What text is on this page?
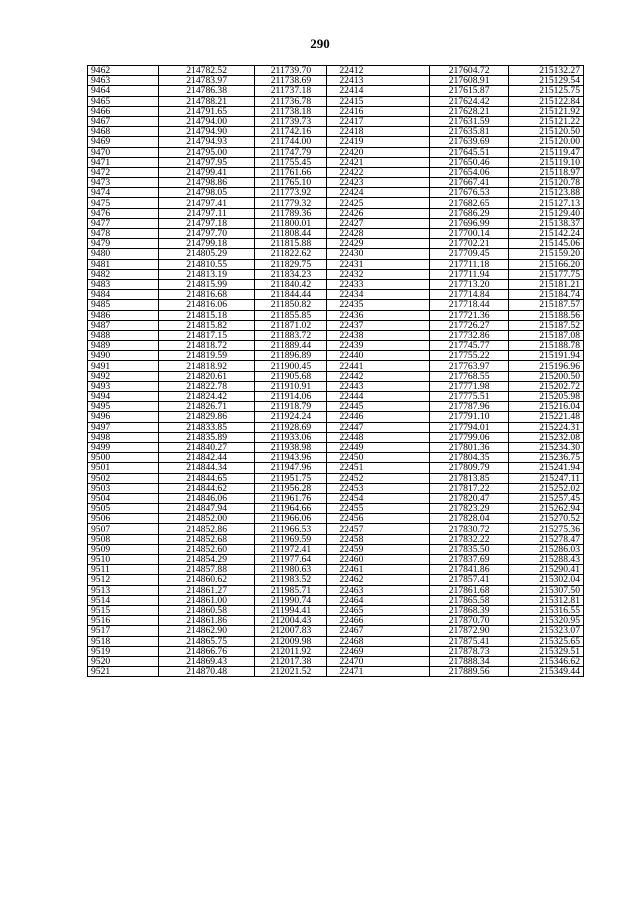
290
9462	214782.52	211739.70	22412	217604.72	215132.27
9463	214783.97	211738.69	22413	217608.91	215129.54
9464	214786.38	211737.18	22414	217615.87	215125.75
9465	214788.21	211736.78	22415	217624.42	215122.84
9466	214791.65	211738.18	22416	217628.21	215121.92
9467	214794.00	211739.73	22417	217631.59	215121.22
9468	214794.90	211742.16	22418	217635.81	215120.50
9469	214794.93	211744.00	22419	217639.69	215120.00
9470	214795.00	211747.79	22420	217645.51	215119.47
9471	214797.95	211755.45	22421	217650.46	215119.10
9472	214799.41	211761.66	22422	217654.06	215118.97
9473	214798.86	211765.10	22423	217667.41	215120.78
9474	214798.05	211773.92	22424	217676.53	215123.88
9475	214797.41	211779.32	22425	217682.65	215127.13
9476	214797.11	211789.36	22426	217686.29	215129.40
9477	214797.18	211800.01	22427	217696.99	215138.37
9478	214797.70	211808.44	22428	217700.14	215142.24
9479	214799.18	211815.88	22429	217702.21	215145.06
9480	214805.29	211822.62	22430	217709.45	215159.20
9481	214810.55	211829.75	22431	217711.18	215166.20
9482	214813.19	211834.23	22432	217711.94	215177.75
9483	214815.99	211840.42	22433	217713.20	215181.21
9484	214816.68	211844.44	22434	217714.84	215184.74
9485	214816.06	211850.82	22435	217718.44	215187.57
9486	214815.18	211855.85	22436	217721.36	215188.56
9487	214815.82	211871.02	22437	217726.27	215187.52
9488	214817.15	211883.72	22438	217732.86	215187.08
9489	214818.72	211889.44	22439	217745.77	215188.78
9490	214819.59	211896.89	22440	217755.22	215191.94
9491	214818.92	211900.45	22441	217763.97	215196.96
9492	214820.61	211905.68	22442	217768.55	215200.50
9493	214822.78	211910.91	22443	217771.98	215202.72
9494	214824.42	211914.06	22444	217775.51	215205.98
9495	214826.71	211918.79	22445	217787.96	215216.04
9496	214829.86	211924.24	22446	217791.10	215221.48
9497	214833.85	211928.69	22447	217794.01	215224.31
9498	214835.89	211933.06	22448	217799.06	215232.08
9499	214840.27	211938.98	22449	217801.36	215234.30
9500	214842.44	211943.96	22450	217804.35	215236.75
9501	214844.34	211947.96	22451	217809.79	215241.94
9502	214844.65	211951.75	22452	217813.85	215247.11
9503	214844.62	211956.28	22453	217817.22	215252.02
9504	214846.06	211961.76	22454	217820.47	215257.45
9505	214847.94	211964.66	22455	217823.29	215262.94
9506	214852.00	211966.06	22456	217828.04	215270.52
9507	214852.86	211966.53	22457	217830.72	215275.36
9508	214852.68	211969.59	22458	217832.22	215278.47
9509	214852.60	211972.41	22459	217835.50	215286.03
9510	214854.29	211977.64	22460	217837.69	215288.43
9511	214857.88	211980.63	22461	217841.86	215290.41
9512	214860.62	211983.52	22462	217857.41	215302.04
9513	214861.27	211985.71	22463	217861.68	215307.50
9514	214861.00	211990.74	22464	217865.58	215312.81
9515	214860.58	211994.41	22465	217868.39	215316.55
9516	214861.86	212004.43	22466	217870.70	215320.95
9517	214862.90	212007.83	22467	217872.90	215323.07
9518	214865.75	212009.98	22468	217875.41	215325.65
9519	214866.76	212011.92	22469	217878.73	215329.51
9520	214869.43	212017.38	22470	217888.34	215346.62
9521	214870.48	212021.52	22471	217889.56	215349.44
